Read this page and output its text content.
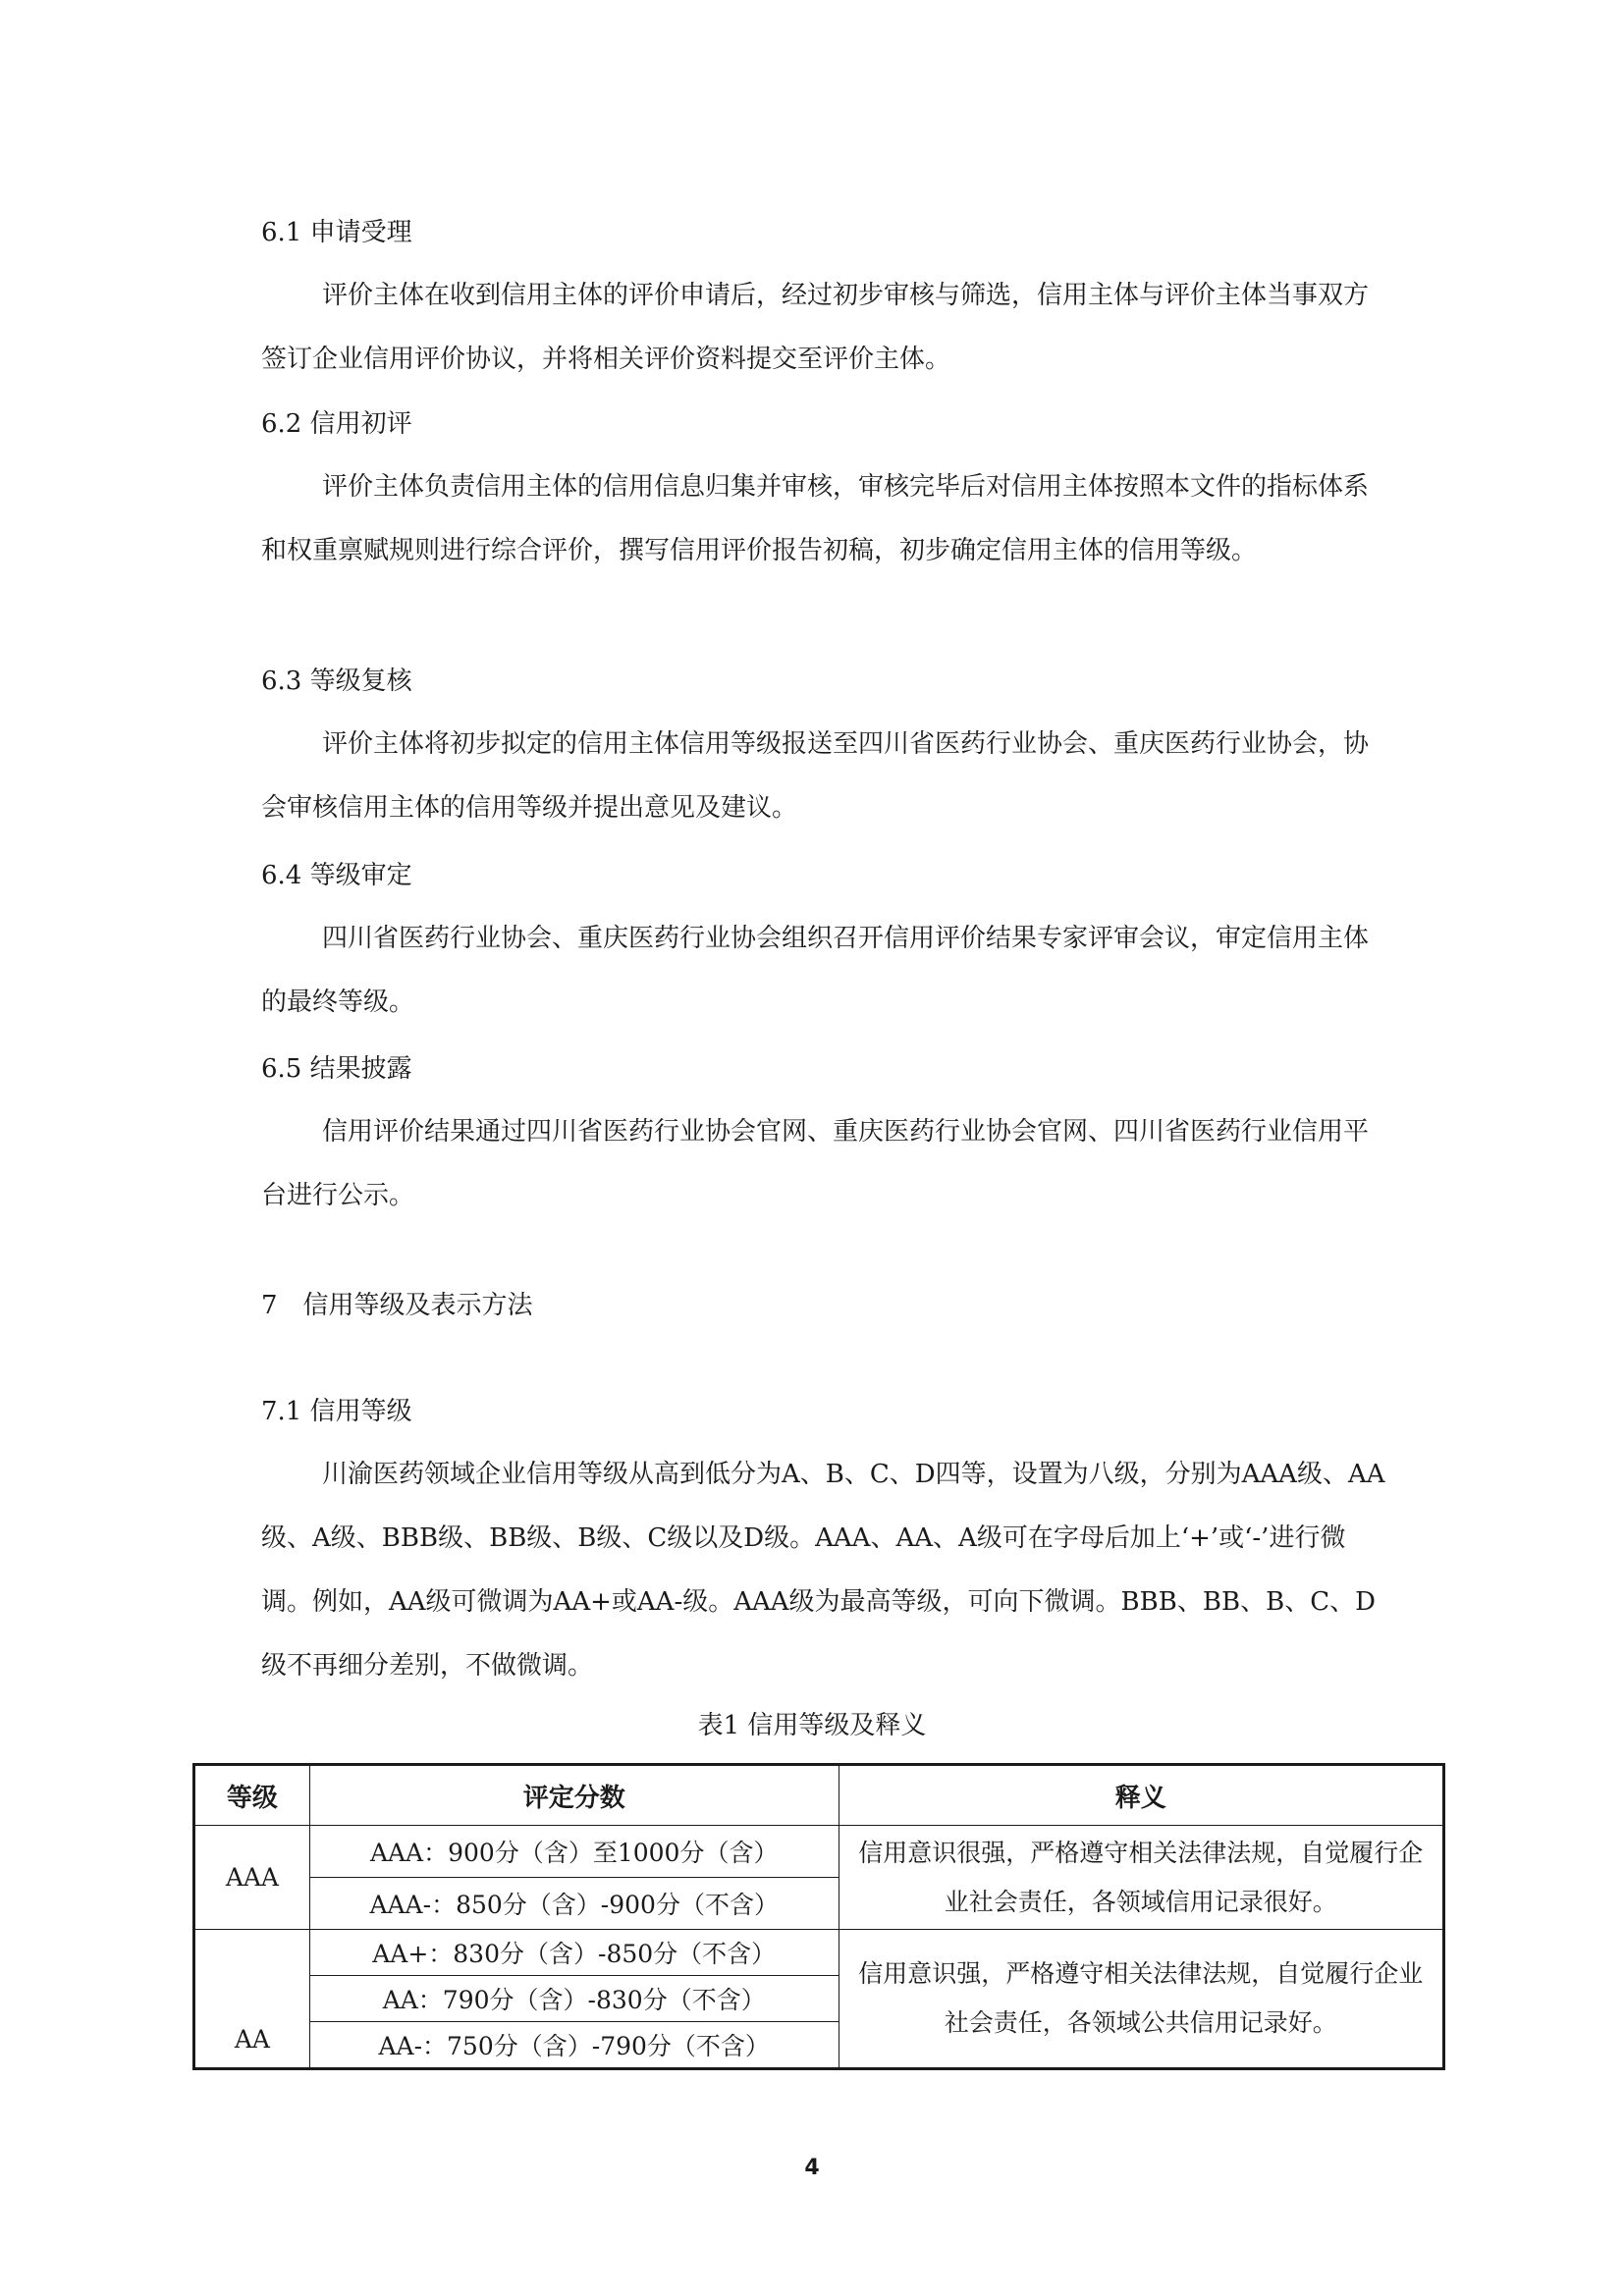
6.1 申请受理
评价主体在收到信用主体的评价申请后，经过初步审核与筛选，信用主体与评价主体当事双方签订企业信用评价协议，并将相关评价资料提交至评价主体。
6.2 信用初评
评价主体负责信用主体的信用信息归集并审核，审核完毕后对信用主体按照本文件的指标体系和权重禀赋规则进行综合评价，撰写信用评价报告初稿，初步确定信用主体的信用等级。
6.3 等级复核
评价主体将初步拟定的信用主体信用等级报送至四川省医药行业协会、重庆医药行业协会，协会审核信用主体的信用等级并提出意见及建议。
6.4 等级审定
四川省医药行业协会、重庆医药行业协会组织召开信用评价结果专家评审会议，审定信用主体的最终等级。
6.5 结果披露
信用评价结果通过四川省医药行业协会官网、重庆医药行业协会官网、四川省医药行业信用平台进行公示。
7　信用等级及表示方法
7.1 信用等级
川渝医药领域企业信用等级从高到低分为A、B、C、D四等，设置为八级，分别为AAA级、AA级、A级、BBB级、BB级、B级、C级以及D级。AAA、AA、A级可在字母后加上‘+’或‘-’进行微调。例如，AA级可微调为AA+或AA-级。AAA级为最高等级，可向下微调。BBB、BB、B、C、D级不再细分差别，不做微调。
表1 信用等级及释义
等级	评定分数	释义
AAA	AAA：900分（含）至1000分（含）	信用意识很强，严格遵守相关法律法规，自觉履行企业社会责任，各领域信用记录很好。
	AAA-：850分（含）-900分（不含）	
AA	AA+：830分（含）-850分（不含）	信用意识强，严格遵守相关法律法规，自觉履行企业社会责任，各领域公共信用记录好。
	AA：790分（含）-830分（不含）	
	AA-：750分（含）-790分（不含）	
4
